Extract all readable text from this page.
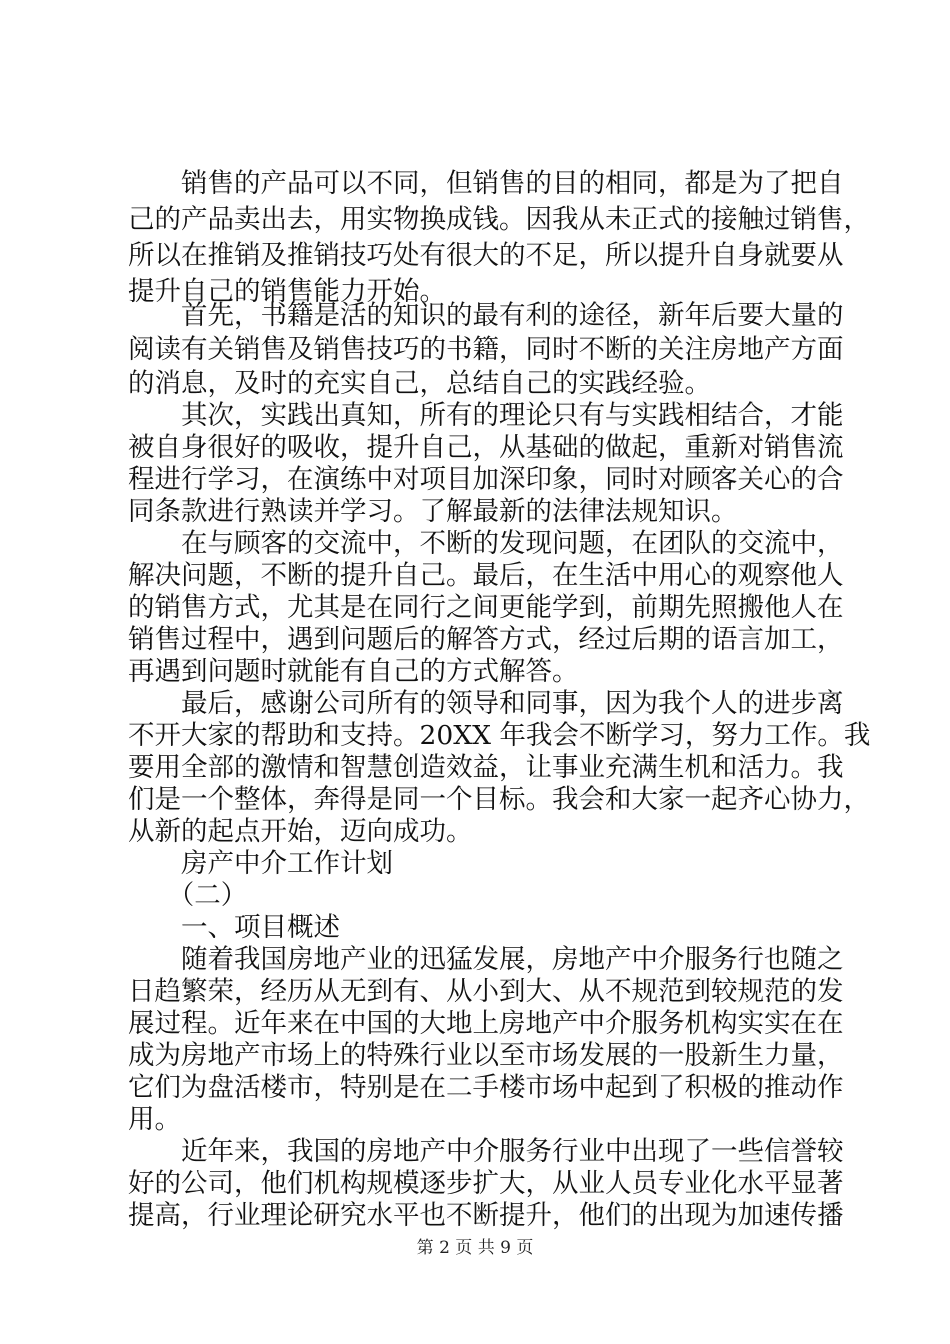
　　销售的产品可以不同，但销售的目的相同，都是为了把自
己的产品卖出去，用实物换成钱。因我从未正式的接触过销售，
所以在推销及推销技巧处有很大的不足，所以提升自身就要从
提升自己的销售能力开始。
　　首先，书籍是活的知识的最有利的途径，新年后要大量的
阅读有关销售及销售技巧的书籍，同时不断的关注房地产方面
的消息，及时的充实自己，总结自己的实践经验。
　　其次，实践出真知，所有的理论只有与实践相结合，才能
被自身很好的吸收，提升自己，从基础的做起，重新对销售流
程进行学习，在演练中对项目加深印象，同时对顾客关心的合
同条款进行熟读并学习。了解最新的法律法规知识。
　　在与顾客的交流中，不断的发现问题，在团队的交流中，
解决问题，不断的提升自己。最后，在生活中用心的观察他人
的销售方式，尤其是在同行之间更能学到，前期先照搬他人在
销售过程中，遇到问题后的解答方式，经过后期的语言加工，
再遇到问题时就能有自己的方式解答。
　　最后，感谢公司所有的领导和同事，因为我个人的进步离
不开大家的帮助和支持。20XX 年我会不断学习，努力工作。我
要用全部的激情和智慧创造效益，让事业充满生机和活力。我
们是一个整体，奔得是同一个目标。我会和大家一起齐心协力，
从新的起点开始，迈向成功。
　　房产中介工作计划
　　（二）
　　一、项目概述
　　随着我国房地产业的迅猛发展，房地产中介服务行也随之
日趋繁荣，经历从无到有、从小到大、从不规范到较规范的发
展过程。近年来在中国的大地上房地产中介服务机构实实在在
成为房地产市场上的特殊行业以至市场发展的一股新生力量，
它们为盘活楼市，特别是在二手楼市场中起到了积极的推动作
用。
　　近年来，我国的房地产中介服务行业中出现了一些信誉较
好的公司，他们机构规模逐步扩大，从业人员专业化水平显著
提高，行业理论研究水平也不断提升，他们的出现为加速传播
第 2 页 共 9 页
